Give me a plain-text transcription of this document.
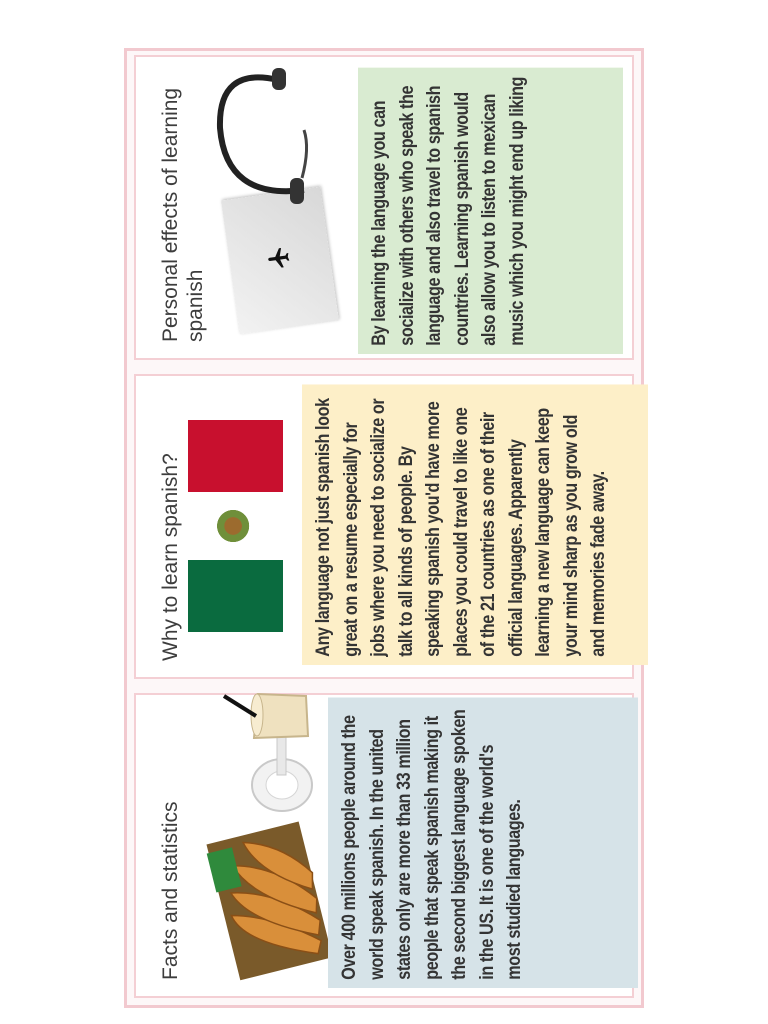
Facts and statistics	Over 400 millions people around the world speak spanish. In the united states only are more than 33 million people that speak spanish making it the second biggest language spoken in the US. It is one of the world's most studied languages.
Why to learn spanish?	Any language not just spanish look great on a resume especially for jobs where you need to socialize or talk to all kinds of people. By speaking spanish you'd have more places you could travel to like one of the 21 countries as one of their official languages. Apparently learning a new language can keep your mind sharp as you grow old and memories fade away.
Personal effects of learning spanish	By learning the language you can socialize with others who speak the language and also travel to spanish countries. Learning spanish would also allow you to listen to mexican music which you might end up liking
